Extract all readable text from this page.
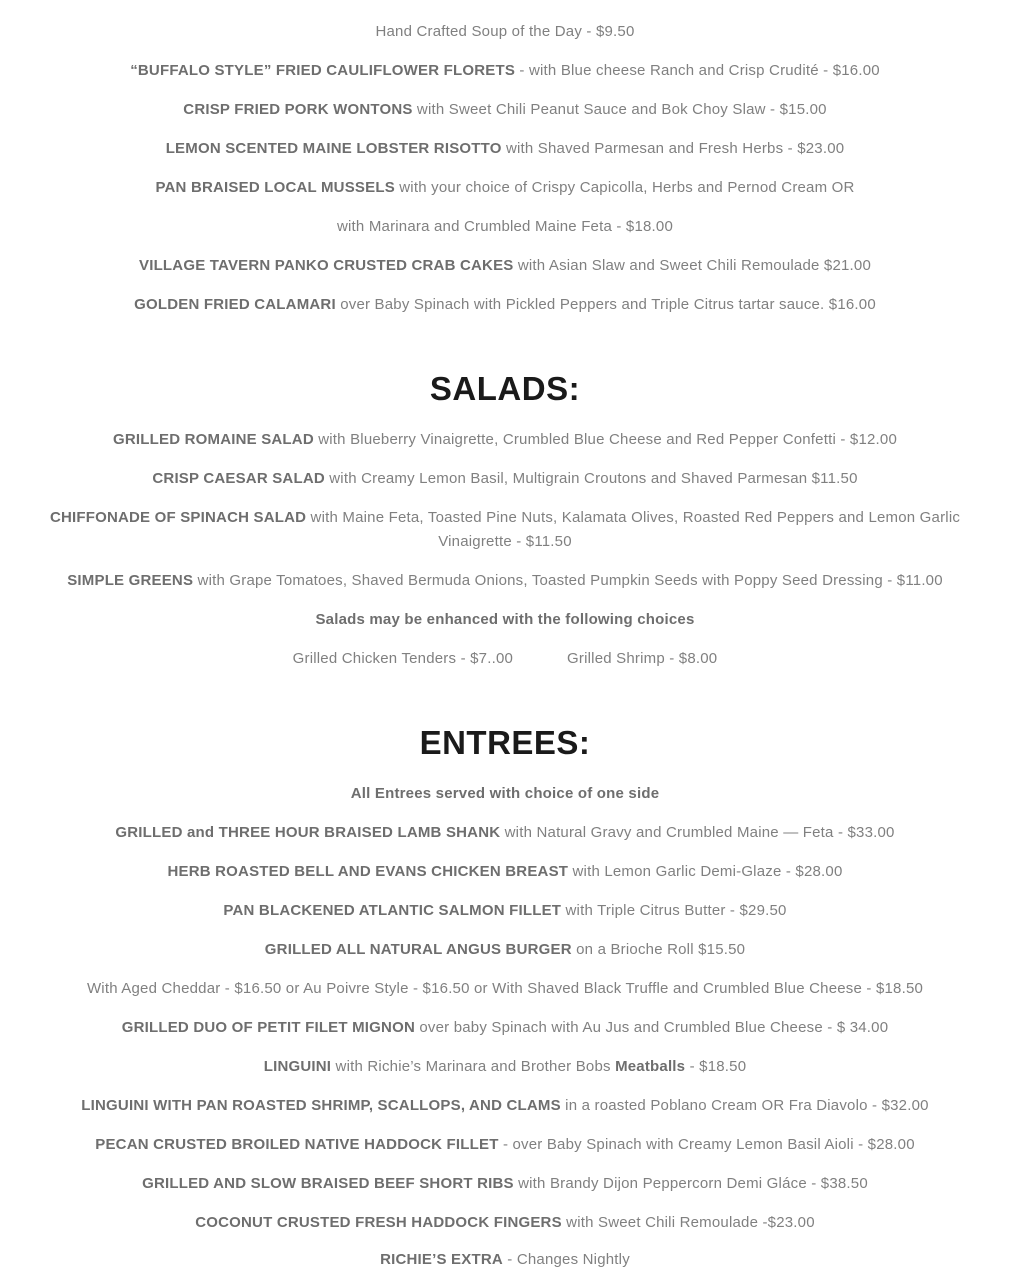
Hand Crafted Soup of the Day - $9.50
“BUFFALO STYLE” FRIED CAULIFLOWER FLORETS - with Blue cheese Ranch and Crisp Crudité - $16.00
CRISP FRIED PORK WONTONS with Sweet Chili Peanut Sauce and Bok Choy Slaw - $15.00
LEMON SCENTED MAINE LOBSTER RISOTTO with Shaved Parmesan and Fresh Herbs - $23.00
PAN BRAISED LOCAL MUSSELS with your choice of Crispy Capicolla, Herbs and Pernod Cream OR
with Marinara and Crumbled Maine Feta - $18.00
VILLAGE TAVERN PANKO CRUSTED CRAB CAKES with Asian Slaw and Sweet Chili Remoulade $21.00
GOLDEN FRIED CALAMARI over Baby Spinach with Pickled Peppers and Triple Citrus tartar sauce. $16.00
SALADS:
GRILLED ROMAINE SALAD with Blueberry Vinaigrette, Crumbled Blue Cheese and Red Pepper Confetti - $12.00
CRISP CAESAR SALAD with Creamy Lemon Basil, Multigrain Croutons and Shaved Parmesan $11.50
CHIFFONADE OF SPINACH SALAD with Maine Feta, Toasted Pine Nuts, Kalamata Olives, Roasted Red Peppers and Lemon Garlic Vinaigrette - $11.50
SIMPLE GREENS with Grape Tomatoes, Shaved Bermuda Onions, Toasted Pumpkin Seeds with Poppy Seed Dressing - $11.00
Salads may be enhanced with the following choices
Grilled Chicken Tenders - $7..00	Grilled Shrimp - $8.00
ENTREES:
All Entrees served with choice of one side
GRILLED and THREE HOUR BRAISED LAMB SHANK with Natural Gravy and Crumbled Maine — Feta - $33.00
HERB ROASTED BELL AND EVANS CHICKEN BREAST with Lemon Garlic Demi-Glaze - $28.00
PAN BLACKENED ATLANTIC SALMON FILLET with Triple Citrus Butter - $29.50
GRILLED ALL NATURAL ANGUS BURGER on a Brioche Roll $15.50
With Aged Cheddar - $16.50 or Au Poivre Style - $16.50 or With Shaved Black Truffle and Crumbled Blue Cheese - $18.50
GRILLED DUO OF PETIT FILET MIGNON over baby Spinach with Au Jus and Crumbled Blue Cheese - $ 34.00
LINGUINI with Richie’s Marinara and Brother Bobs Meatballs - $18.50
LINGUINI WITH PAN ROASTED SHRIMP, SCALLOPS, AND CLAMS in a roasted Poblano Cream OR Fra Diavolo - $32.00
PECAN CRUSTED BROILED NATIVE HADDOCK FILLET - over Baby Spinach with Creamy Lemon Basil Aioli - $28.00
GRILLED AND SLOW BRAISED BEEF SHORT RIBS with Brandy Dijon Peppercorn Demi Gláce - $38.50
COCONUT CRUSTED FRESH HADDOCK FINGERS with Sweet Chili Remoulade -$23.00
RICHIE’S EXTRA - Changes Nightly
